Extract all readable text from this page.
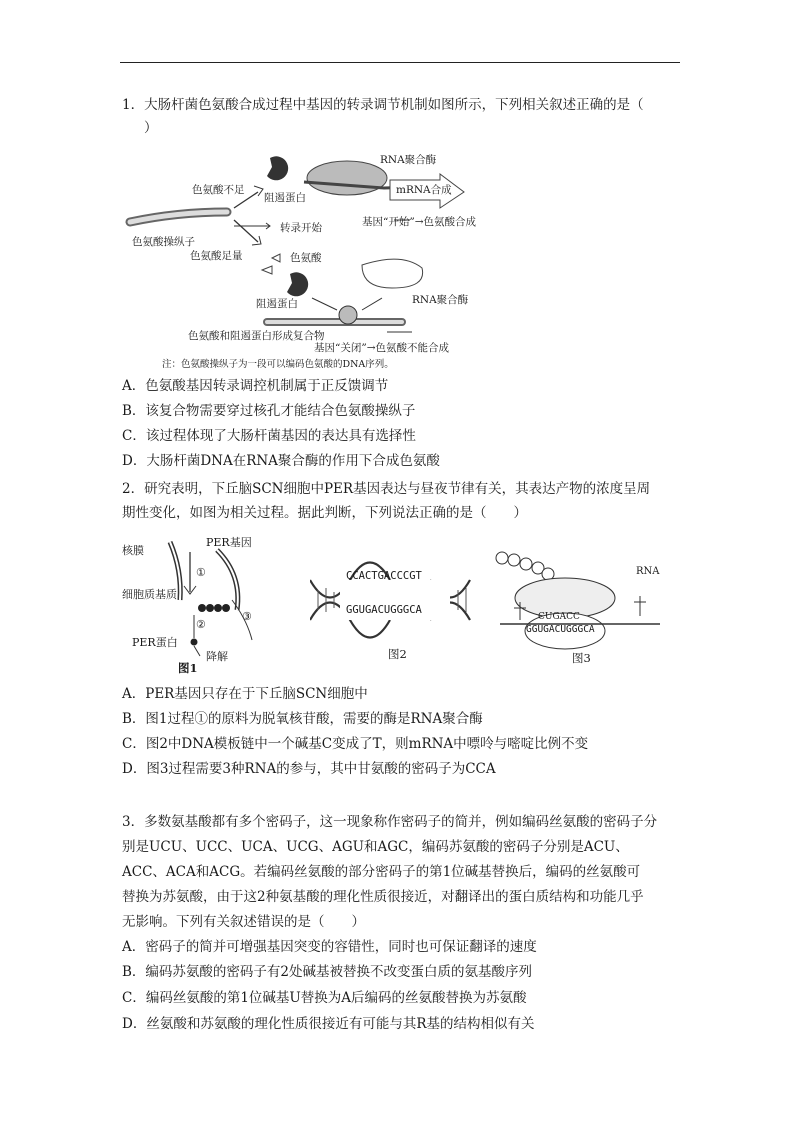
1．大肠杆菌色氨酸合成过程中基因的转录调节机制如图所示，下列相关叙述正确的是（
）
RNA聚合酶
色氨酸不足
阻遏蛋白
mRNA合成
基因“开始”→色氨酸合成
色氨酸操纵子
转录开始
色氨酸足量	色氨酸
阻遏蛋白	RNA聚合酶
色氨酸和阻遏蛋白形成复合物
基因“关闭”→色氨酸不能合成
注：色氨酸操纵子为一段可以编码色氨酸的DNA序列。
A．色氨酸基因转录调控机制属于正反馈调节
B．该复合物需要穿过核孔才能结合色氨酸操纵子
C．该过程体现了大肠杆菌基因的表达具有选择性
D．大肠杆菌DNA在RNA聚合酶的作用下合成色氨酸
2．研究表明，下丘脑SCN细胞中PER基因表达与昼夜节律有关，其表达产物的浓度呈周
期性变化，如图为相关过程。据此判断，下列说法正确的是（　　）
核膜
PER基因
细胞质基质
①
②
③
PER蛋白
降解
图1
CCACTGACCCGT
GGUGACUGGGCA
图2
RNA
CUGACC
GGUGACUGGGCA
图3
A．PER基因只存在于下丘脑SCN细胞中
B．图1过程①的原料为脱氧核苷酸，需要的酶是RNA聚合酶
C．图2中DNA模板链中一个碱基C变成了T，则mRNA中嘌呤与嘧啶比例不变
D．图3过程需要3种RNA的参与，其中甘氨酸的密码子为CCA
3．多数氨基酸都有多个密码子，这一现象称作密码子的简并，例如编码丝氨酸的密码子分
别是UCU、UCC、UCA、UCG、AGU和AGC，编码苏氨酸的密码子分别是ACU、
ACC、ACA和ACG。若编码丝氨酸的部分密码子的第1位碱基替换后，编码的丝氨酸可
替换为苏氨酸，由于这2种氨基酸的理化性质很接近，对翻译出的蛋白质结构和功能几乎
无影响。下列有关叙述错误的是（　　）
A．密码子的简并可增强基因突变的容错性，同时也可保证翻译的速度
B．编码苏氨酸的密码子有2处碱基被替换不改变蛋白质的氨基酸序列
C．编码丝氨酸的第1位碱基U替换为A后编码的丝氨酸替换为苏氨酸
D．丝氨酸和苏氨酸的理化性质很接近有可能与其R基的结构相似有关
